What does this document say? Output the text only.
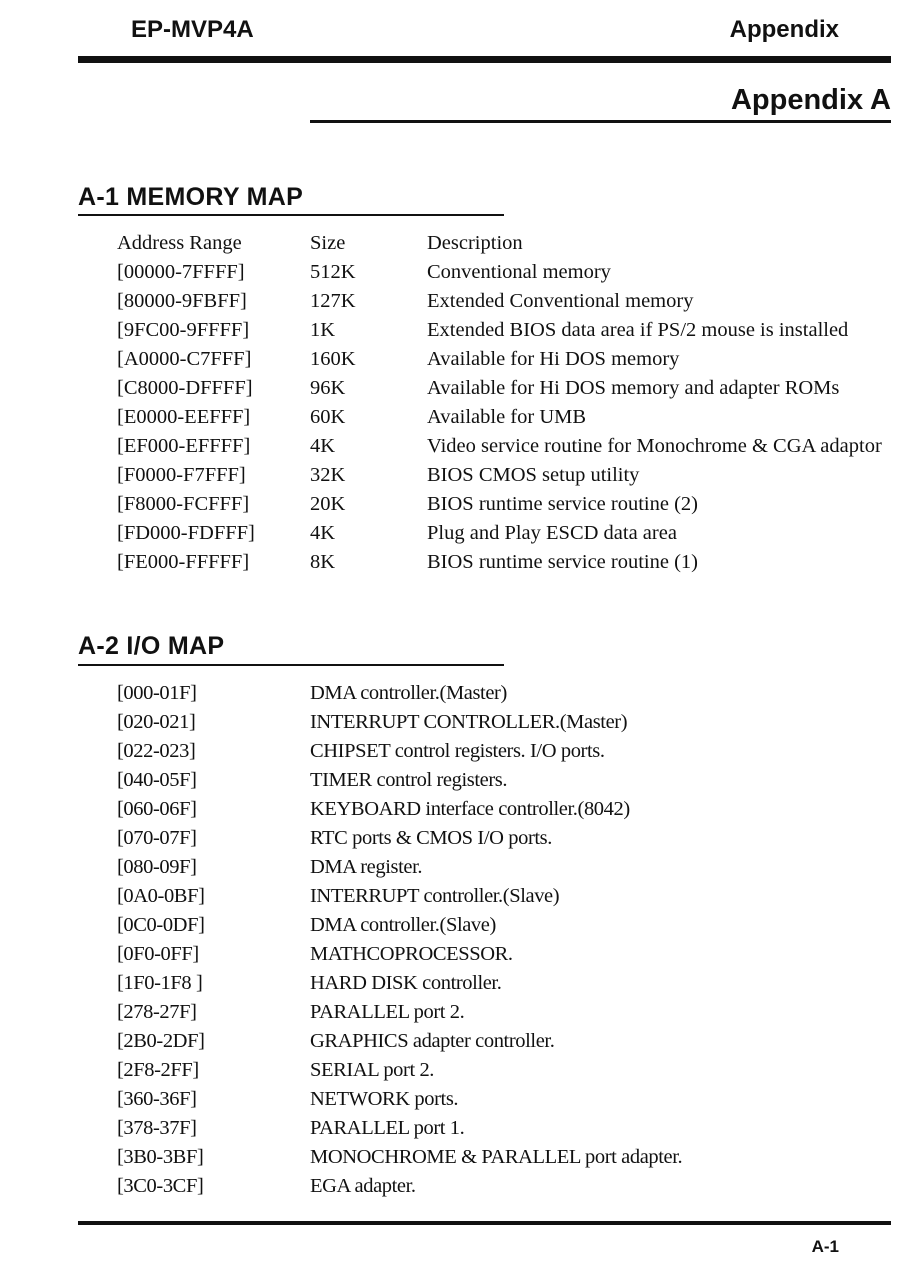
EP-MVP4A	Appendix
Appendix A
A-1 MEMORY MAP
Address Range	Size	Description
[00000-7FFFF]	512K	Conventional memory
[80000-9FBFF]	127K	Extended Conventional memory
[9FC00-9FFFF]	1K	Extended BIOS data area if PS/2 mouse is installed
[A0000-C7FFF]	160K	Available for Hi DOS memory
[C8000-DFFFF]	96K	Available for Hi DOS memory and adapter ROMs
[E0000-EEFFF]	60K	Available for UMB
[EF000-EFFFF]	4K	Video service routine for Monochrome & CGA adaptor
[F0000-F7FFF]	32K	BIOS CMOS setup utility
[F8000-FCFFF]	20K	BIOS runtime service routine (2)
[FD000-FDFFF]	4K	Plug and Play ESCD data area
[FE000-FFFFF]	8K	BIOS runtime service routine (1)
A-2 I/O MAP
[000-01F]	DMA controller.(Master)
[020-021]	INTERRUPT CONTROLLER.(Master)
[022-023]	CHIPSET control registers. I/O ports.
[040-05F]	TIMER control registers.
[060-06F]	KEYBOARD interface controller.(8042)
[070-07F]	RTC ports & CMOS I/O ports.
[080-09F]	DMA register.
[0A0-0BF]	INTERRUPT controller.(Slave)
[0C0-0DF]	DMA controller.(Slave)
[0F0-0FF]	MATHCOPROCESSOR.
[1F0-1F8 ]	HARD DISK controller.
[278-27F]	PARALLEL port 2.
[2B0-2DF]	GRAPHICS adapter controller.
[2F8-2FF]	SERIAL port 2.
[360-36F]	NETWORK ports.
[378-37F]	PARALLEL port 1.
[3B0-3BF]	MONOCHROME & PARALLEL port adapter.
[3C0-3CF]	EGA adapter.
A-1
